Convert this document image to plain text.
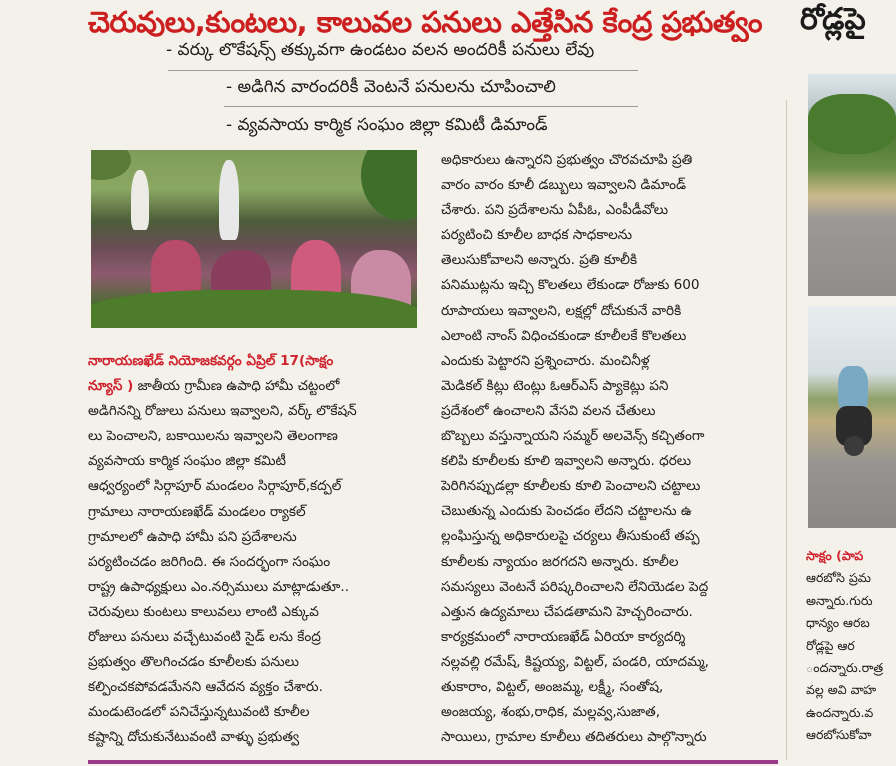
చెరువులు,కుంటలు, కాలువల పనులు ఎత్తేసిన కేంద్ర ప్రభుత్వం	రోడ్లపై
- వర్కు లొకేషన్స్ తక్కువగా ఉండటం వలన అందరికీ పనులు లేవు
- అడిగిన వారందరికీ వెంటనే పనులను చూపించాలి
- వ్యవసాయ కార్మిక సంఘం జిల్లా కమిటీ డిమాండ్

నారాయణఖేడ్ నియోజకవర్గం ఏప్రిల్ 17(సాక్షం

న్యూస్ ) జాతీయ గ్రామీణ ఉపాధి హామీ చట్టంలో

అడిగినన్ని రోజులు పనులు ఇవ్వాలని, వర్క్ లొకేషన్

లు పెంచాలని, బకాయిలను ఇవ్వాలని తెలంగాణ

వ్యవసాయ కార్మిక సంఘం జిల్లా కమిటీ

ఆధ్వర్యంలో సిర్గాపూర్ మండలం సిర్గాపూర్,కద్పల్

గ్రామాలు నారాయణఖేడ్ మండలం ర్యాకల్

గ్రామాలలో ఉపాధి హామీ పని ప్రదేశాలను

పర్యటించడం జరిగింది. ఈ సందర్భంగా సంఘం

రాష్ట్ర ఉపాధ్యక్షులు ఎం.నర్సిములు మాట్లాడుతూ..

చెరువులు కుంటలు కాలువలు లాంటి ఎక్కువ

రోజులు పనులు వచ్చేటువంటి సైడ్ లను కేంద్ర

ప్రభుత్వం తొలగించడం కూలీలకు పనులు

కల్పించకపోవడమేనని ఆవేదన వ్యక్తం చేశారు.

మండుటెండలో పనిచేస్తున్నటువంటి కూలీల

కష్టాన్ని దోచుకునేటువంటి వాళ్ళు ప్రభుత్వ

అధికారులు ఉన్నారని ప్రభుత్వం చొరవచూపి ప్రతి

వారం వారం కూలీ డబ్బులు ఇవ్వాలని డిమాండ్

చేశారు. పని ప్రదేశాలను ఏపీఓ, ఎంపీడీవోలు

పర్యటించి కూలీల బాధక సాధకాలను

తెలుసుకోవాలని అన్నారు. ప్రతి కూలీకి

పనిముట్లను ఇచ్చి కొలతలు లేకుండా రోజుకు 600

రూపాయలు ఇవ్వాలని, లక్షల్లో దోచుకునే వారికి

ఎలాంటి నాంస్ విధించకుండా కూలీలకే కొలతలు

ఎందుకు పెట్టారని ప్రశ్నించారు. మంచినీళ్ల

మెడికల్ కిట్లు టెంట్లు ఓఆర్ఎస్ ప్యాకెట్లు పని

ప్రదేశంలో ఉంచాలని వేసవి వలన చేతులు

బొబ్బలు వస్తున్నాయని సమ్మర్ అలవెన్స్ కచ్చితంగా

కలిపి కూలీలకు కూలి ఇవ్వాలని అన్నారు. ధరలు

పెరిగినప్పుడల్లా కూలీలకు కూలి పెంచాలని చట్టాలు

చెబుతున్న ఎందుకు పెంచడం లేదని చట్టాలను ఉ

ల్లంఘిస్తున్న అధికారులపై చర్యలు తీసుకుంటే తప్ప

కూలీలకు న్యాయం జరగదని అన్నారు. కూలీల

సమస్యలు వెంటనే పరిష్కరించాలని లేనియెడల పెద్ద

ఎత్తున ఉద్యమాలు చేపడతామని హెచ్చరించారు.

కార్యక్రమంలో నారాయణఖేడ్ ఏరియా కార్యదర్శి

నల్లవల్లి రమేష్, కిష్టయ్య, విట్టల్, పండరి, యాదమ్మ,

తుకారాం, విట్టల్, అంజమ్మ, లక్ష్మీ, సంతోష,

అంజయ్య, శంభు,రాధిక, మల్లవ్వ,సుజాత,

సాయిలు, గ్రామాల కూలీలు తదితరులు పాల్గొన్నారు

సాక్షం (పాప

ఆరబోసి ప్రమ

అన్నారు.గురు

ధాన్యం ఆరబ

రోడ్లపై ఆర

ందన్నారు.రాత్ర

వల్ల అవి వాహ

ఉందన్నారు.వ

ఆరబోసుకోవా
